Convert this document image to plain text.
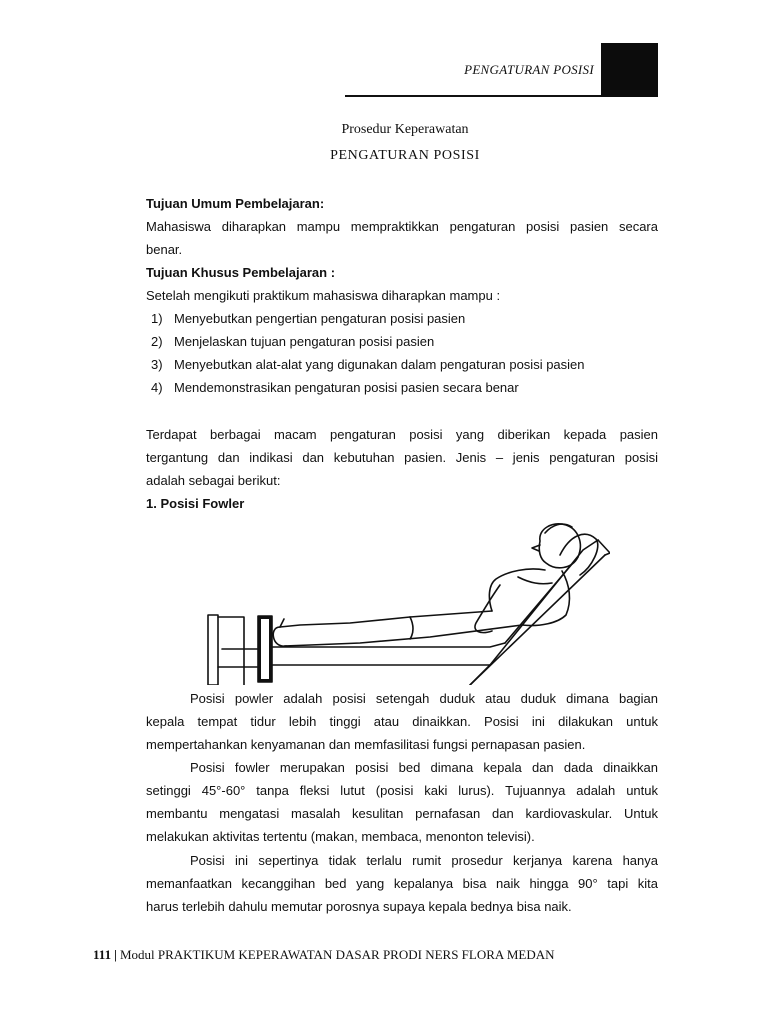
PENGATURAN POSISI
Prosedur Keperawatan
PENGATURAN POSISI
Tujuan Umum Pembelajaran:
Mahasiswa diharapkan mampu mempraktikkan pengaturan posisi pasien secara
benar.
Tujuan Khusus Pembelajaran :
Setelah mengikuti praktikum mahasiswa diharapkan mampu :
1) Menyebutkan pengertian pengaturan posisi pasien
2) Menjelaskan tujuan pengaturan posisi pasien
3) Menyebutkan alat-alat yang digunakan dalam pengaturan posisi pasien
4) Mendemonstrasikan pengaturan posisi pasien secara benar
Terdapat berbagai macam pengaturan posisi yang diberikan kepada pasien
tergantung dan indikasi dan kebutuhan pasien. Jenis – jenis pengaturan posisi
adalah sebagai berikut:
1. Posisi Fowler
Posisi powler adalah posisi setengah duduk atau duduk dimana bagian
kepala tempat tidur lebih tinggi atau dinaikkan. Posisi ini dilakukan untuk
mempertahankan kenyamanan dan memfasilitasi fungsi pernapasan pasien.
Posisi fowler merupakan posisi bed dimana kepala dan dada dinaikkan
setinggi 45°-60° tanpa fleksi lutut (posisi kaki lurus). Tujuannya adalah untuk
membantu mengatasi masalah kesulitan pernafasan dan kardiovaskular. Untuk
melakukan aktivitas tertentu (makan, membaca, menonton televisi).
Posisi ini sepertinya tidak terlalu rumit prosedur kerjanya karena hanya
memanfaatkan kecanggihan bed yang kepalanya bisa naik hingga 90° tapi kita
harus terlebih dahulu memutar porosnya supaya kepala bednya bisa naik.
111 | Modul PRAKTIKUM KEPERAWATAN DASAR PRODI NERS FLORA MEDAN
